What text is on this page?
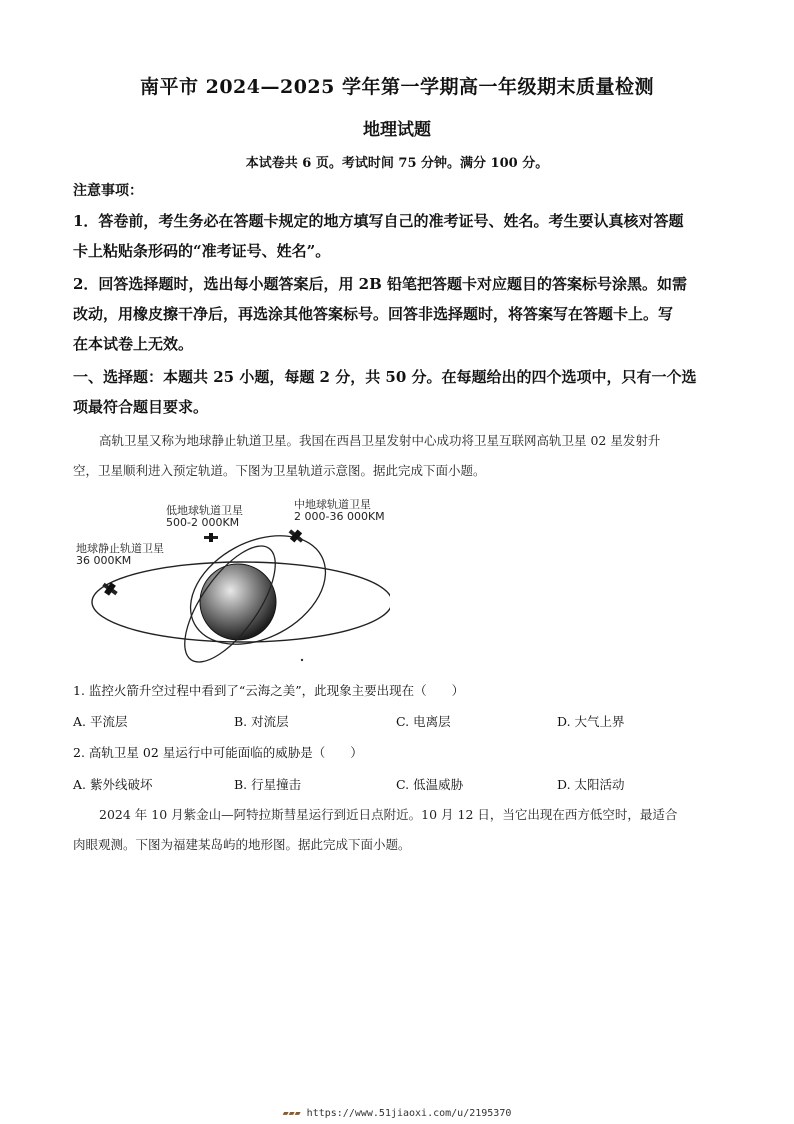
南平市 2024—2025 学年第一学期高一年级期末质量检测
地理试题
本试卷共 6 页。考试时间 75 分钟。满分 100 分。
注意事项：
1．答卷前，考生务必在答题卡规定的地方填写自己的准考证号、姓名。考生要认真核对答题
卡上粘贴条形码的“准考证号、姓名”。
2．回答选择题时，选出每小题答案后，用 2B 铅笔把答题卡对应题目的答案标号涂黑。如需
改动，用橡皮擦干净后，再选涂其他答案标号。回答非选择题时，将答案写在答题卡上。写
在本试卷上无效。
一、选择题：本题共 25 小题，每题 2 分，共 50 分。在每题给出的四个选项中，只有一个选
项最符合题目要求。
高轨卫星又称为地球静止轨道卫星。我国在西昌卫星发射中心成功将卫星互联网高轨卫星 02 星发射升
空，卫星顺利进入预定轨道。下图为卫星轨道示意图。据此完成下面小题。
低地球轨道卫星
500-2 000KM
中地球轨道卫星
2 000-36 000KM
地球静止轨道卫星
36 000KM
1. 监控火箭升空过程中看到了“云海之美”，此现象主要出现在（　　）
A. 平流层	B. 对流层	C. 电离层	D. 大气上界
2. 高轨卫星 02 星运行中可能面临的威胁是（　　）
A. 紫外线破坏	B. 行星撞击	C. 低温威胁	D. 太阳活动
2024 年 10 月紫金山—阿特拉斯彗星运行到近日点附近。10 月 12 日，当它出现在西方低空时，最适合
肉眼观测。下图为福建某岛屿的地形图。据此完成下面小题。
▰▰▰ https://www.51jiaoxi.com/u/2195370
